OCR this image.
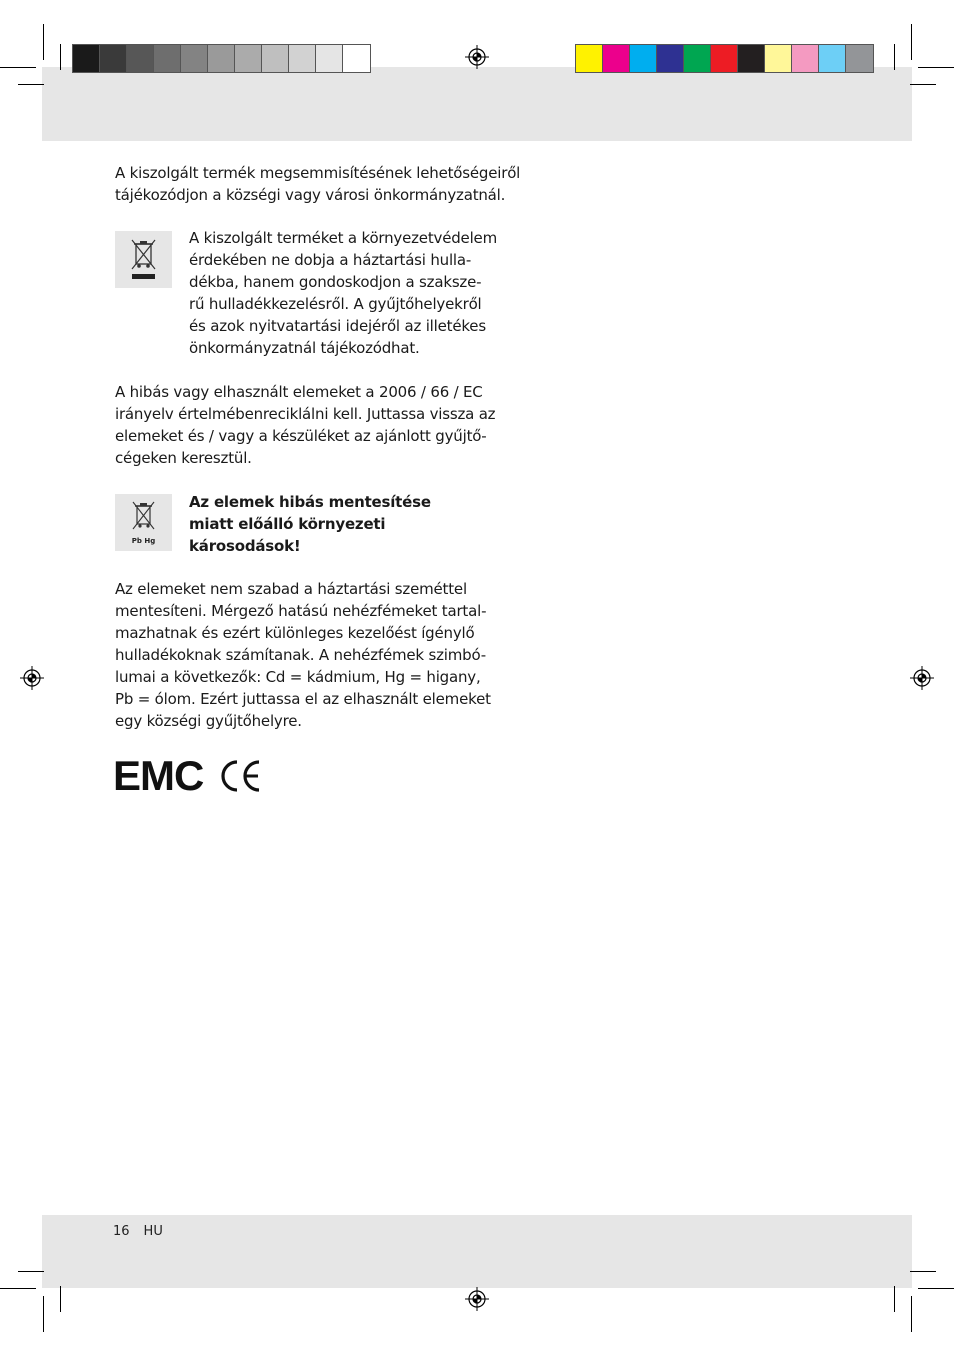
A kiszolgált termék megsemmisítésének lehetőségeiről
tájékozódjon a községi vagy városi önkormányzatnál.

A kiszolgált terméket a környezetvédelem
érdekében ne dobja a háztartási hulla-
dékba, hanem gondoskodjon a szaksze-
rű hulladékkezelésről. A gyűjtőhelyekről
és azok nyitvatartási idejéről az illetékes
önkormányzatnál tájékozódhat.

A hibás vagy elhasznált elemeket a 2006 / 66 / EC
irányelv értelmébenreciklálni kell. Juttassa vissza az
elemeket és / vagy a készüléket az ajánlott gyűjtő-
cégeken keresztül.

Pb Hg
Az elemek hibás mentesítése
miatt előálló környezeti
károsodások!

Az elemeket nem szabad a háztartási szeméttel
mentesíteni. Mérgező hatású nehézfémeket tartal-
mazhatnak és ezért különleges kezelőést ígénylő
hulladékoknak számítanak. A nehézfémek szimbó-
lumai a következők: Cd = kádmium, Hg = higany,
Pb = ólom. Ezért juttassa el az elhasznált elemeket
egy községi gyűjtőhelyre.

EMC
16 HU
